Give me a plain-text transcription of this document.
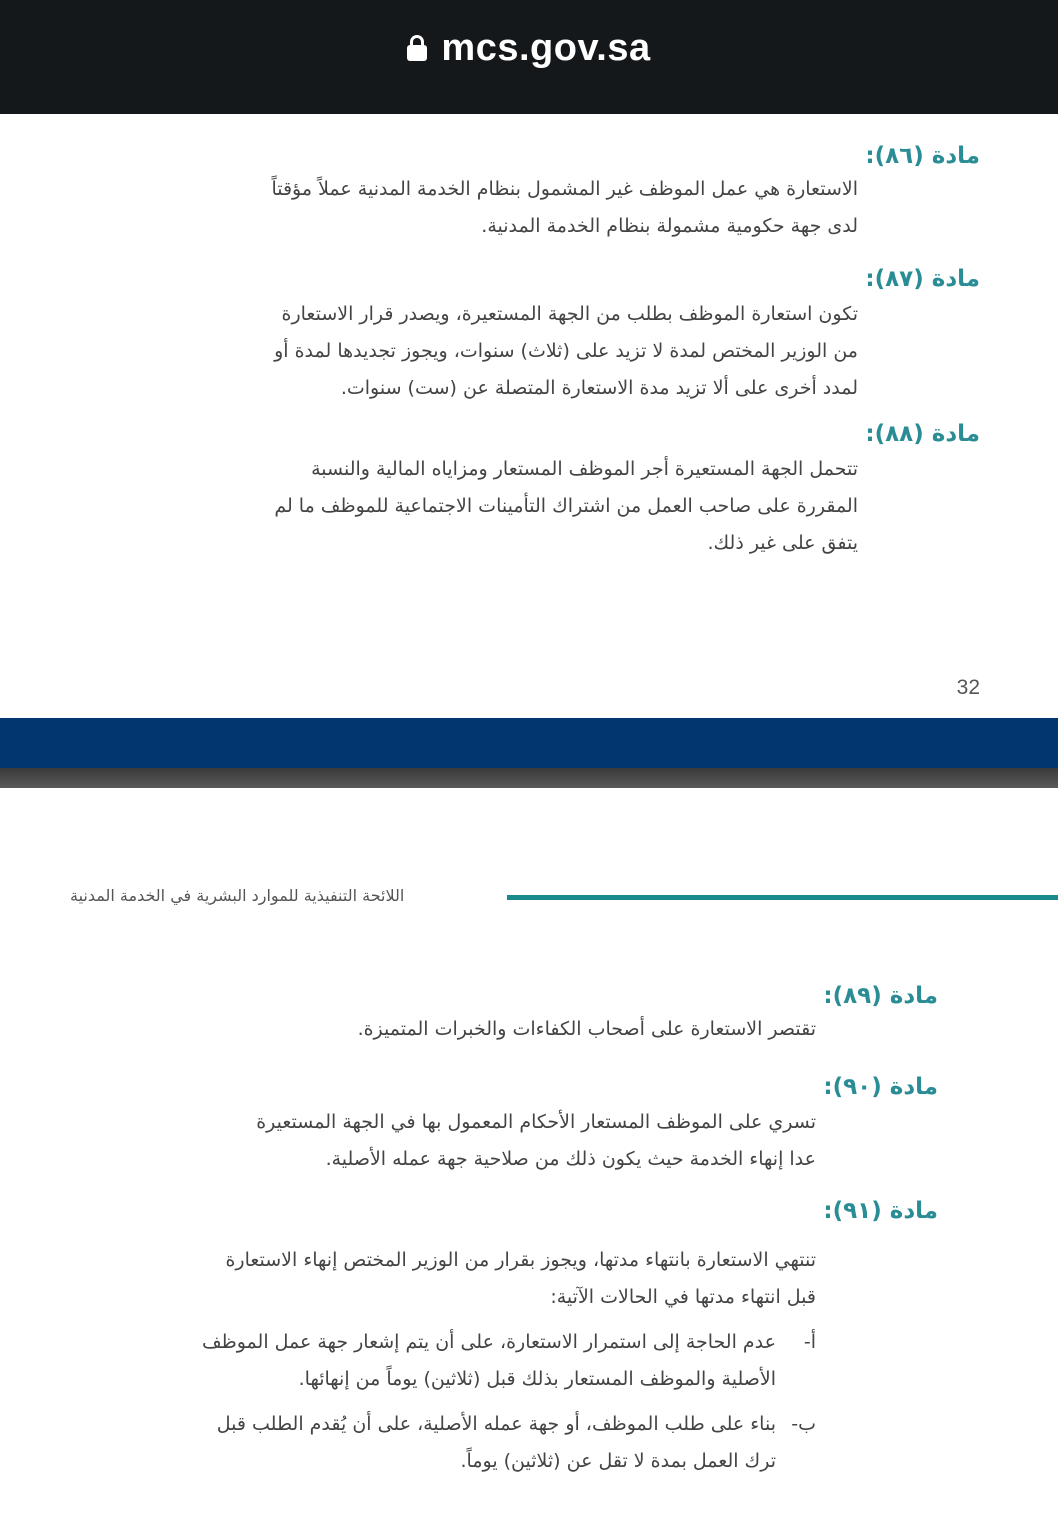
mcs.gov.sa
مادة (٨٦):

الاستعارة هي عمل الموظف غير المشمول بنظام الخدمة المدنية عملاً مؤقتاً

لدى جهة حكومية مشمولة بنظام الخدمة المدنية.

مادة (٨٧):

تكون استعارة الموظف بطلب من الجهة المستعيرة، ويصدر قرار الاستعارة

من الوزير المختص لمدة لا تزيد على (ثلاث) سنوات، ويجوز تجديدها لمدة أو

لمدد أخرى على ألا تزيد مدة الاستعارة المتصلة عن (ست) سنوات.

مادة (٨٨):

تتحمل الجهة المستعيرة أجر الموظف المستعار ومزاياه المالية والنسبة

المقررة على صاحب العمل من اشتراك التأمينات الاجتماعية للموظف ما لم

يتفق على غير ذلك.

32
اللائحة التنفيذية للموارد البشرية في الخدمة المدنية
مادة (٨٩):

تقتصر الاستعارة على أصحاب الكفاءات والخبرات المتميزة.

مادة (٩٠):

تسري على الموظف المستعار الأحكام المعمول بها في الجهة المستعيرة

عدا إنهاء الخدمة حيث يكون ذلك من صلاحية جهة عمله الأصلية.

مادة (٩١):

تنتهي الاستعارة بانتهاء مدتها، ويجوز بقرار من الوزير المختص إنهاء الاستعارة

قبل انتهاء مدتها في الحالات الآتية:

أ-

عدم الحاجة إلى استمرار الاستعارة، على أن يتم إشعار جهة عمل الموظف

الأصلية والموظف المستعار بذلك قبل (ثلاثين) يوماً من إنهائها.

ب-

بناء على طلب الموظف، أو جهة عمله الأصلية، على أن يُقدم الطلب قبل

ترك العمل بمدة لا تقل عن (ثلاثين) يوماً.
